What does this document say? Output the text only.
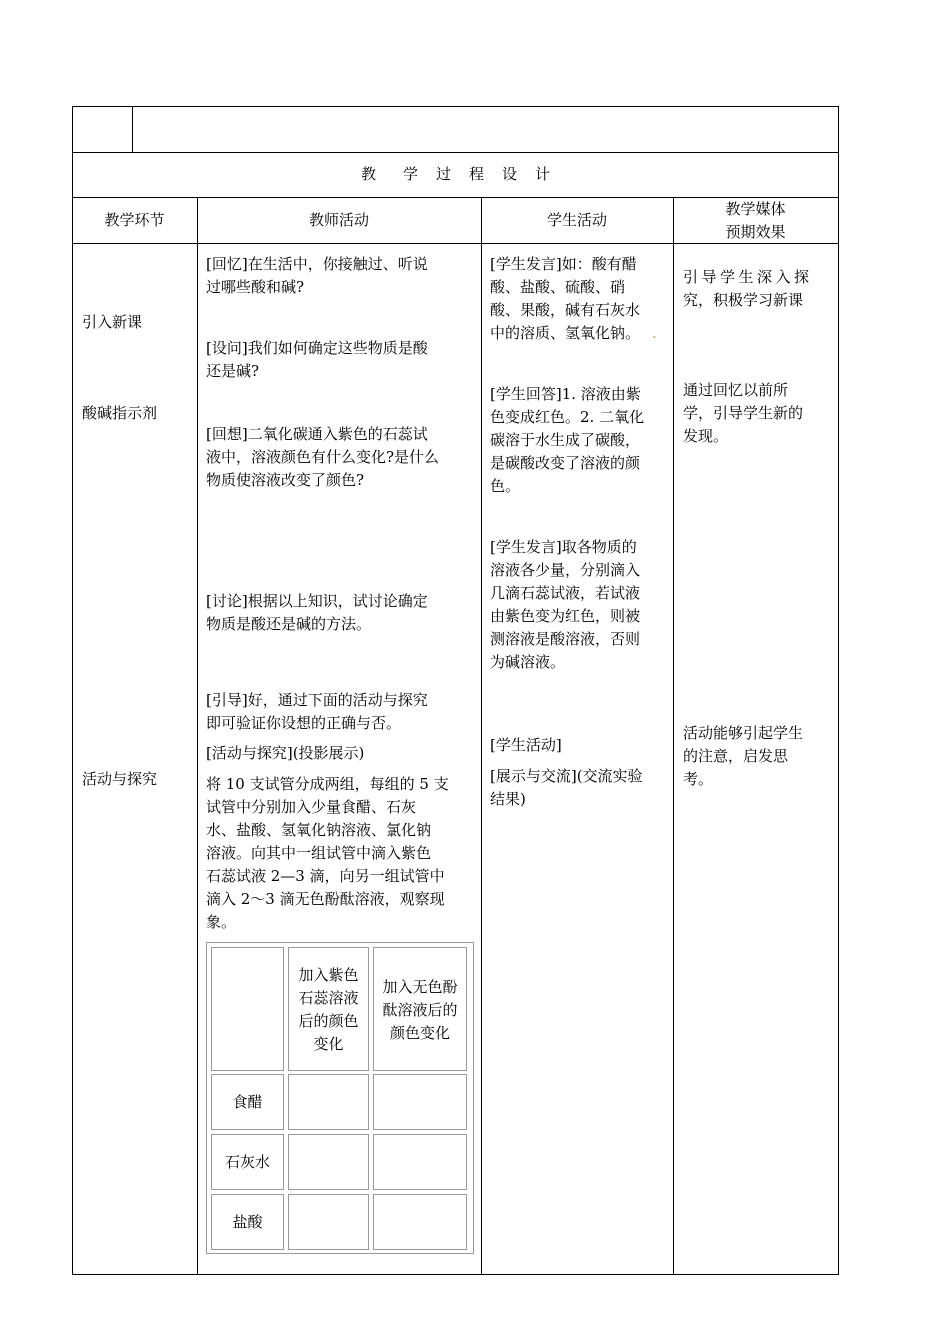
教 学 过 程 设 计
教学环节	教师活动	学生活动
教学媒体
预期效果
引入新课
酸碱指示剂
活动与探究
[回忆]在生活中，你接触过、听说
过哪些酸和碱?
[设问]我们如何确定这些物质是酸
还是碱?
[回想]二氧化碳通入紫色的石蕊试
液中，溶液颜色有什么变化?是什么
物质使溶液改变了颜色?
[讨论]根据以上知识，试讨论确定
物质是酸还是碱的方法。
[引导]好，通过下面的活动与探究
即可验证你设想的正确与否。
[活动与探究](投影展示)
将 10 支试管分成两组，每组的 5 支
试管中分别加入少量食醋、石灰
水、盐酸、氢氧化钠溶液、氯化钠
溶液。向其中一组试管中滴入紫色
石蕊试液 2—3 滴，向另一组试管中
滴入 2～3 滴无色酚酞溶液，观察现
象。
加入紫色
石蕊溶液
后的颜色
变化
加入无色酚
酞溶液后的
颜色变化
食醋
石灰水
盐酸
[学生发言]如：酸有醋
酸、盐酸、硫酸、硝
酸、果酸，碱有石灰水
中的溶质、氢氧化钠。 .
[学生回答]1. 溶液由紫
色变成红色。2. 二氧化
碳溶于水生成了碳酸，
是碳酸改变了溶液的颜
色。
[学生发言]取各物质的
溶液各少量，分别滴入
几滴石蕊试液，若试液
由紫色变为红色，则被
测溶液是酸溶液，否则
为碱溶液。
[学生活动]
[展示与交流](交流实验
结果)
引导学生深入探
究，积极学习新课
通过回忆以前所
学，引导学生新的
发现。
活动能够引起学生
的注意，启发思
考。
